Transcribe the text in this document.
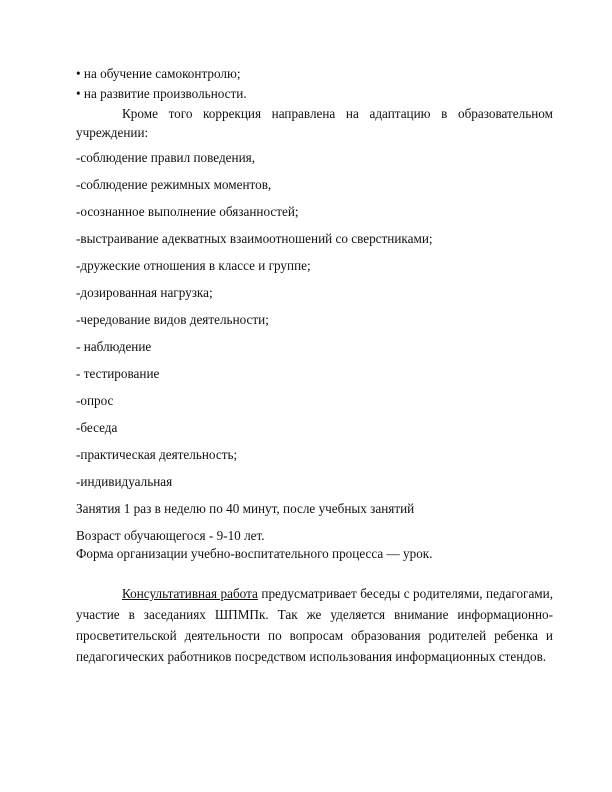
• на обучение самоконтролю;
• на развитие произвольности.
Кроме того коррекция направлена на адаптацию в образовательном учреждении:
-соблюдение правил поведения,
-соблюдение режимных моментов,
-осознанное выполнение обязанностей;
-выстраивание адекватных взаимоотношений со сверстниками;
-дружеские отношения в классе и группе;
-дозированная нагрузка;
-чередование видов деятельности;
- наблюдение
- тестирование
-опрос
-беседа
-практическая деятельность;
-индивидуальная
Занятия 1 раз в неделю по 40 минут, после учебных занятий
Возраст обучающегося - 9-10 лет.
Форма организации учебно-воспитательного процесса — урок.
Консультативная работа предусматривает беседы с родителями, педагогами, участие в заседаниях ШПМПк. Так же уделяется внимание информационно-просветительской деятельности по вопросам образования родителей ребенка и педагогических работников посредством использования информационных стендов.
